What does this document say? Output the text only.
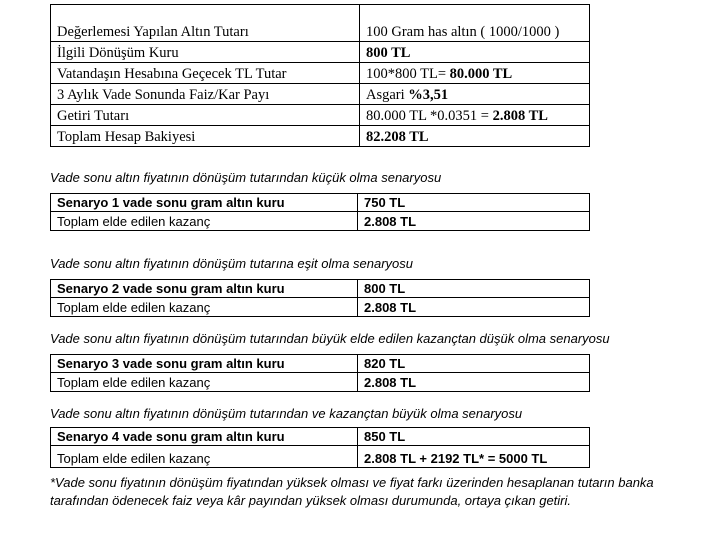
Değerlemesi Yapılan Altın Tutarı	100 Gram has altın ( 1000/1000 )
İlgili Dönüşüm Kuru	800 TL
Vatandaşın Hesabına Geçecek TL Tutar	100*800 TL= 80.000 TL
3 Aylık Vade Sonunda Faiz/Kar Payı	Asgari %3,51
Getiri Tutarı	80.000 TL *0.0351 = 2.808 TL
Toplam Hesap Bakiyesi	82.208 TL
Vade sonu altın fiyatının dönüşüm tutarından küçük olma senaryosu
Senaryo 1 vade sonu gram altın kuru	750 TL
Toplam elde edilen kazanç	2.808 TL
Vade sonu altın fiyatının dönüşüm tutarına eşit olma senaryosu
Senaryo 2 vade sonu gram altın kuru	800 TL
Toplam elde edilen kazanç	2.808 TL
Vade sonu altın fiyatının dönüşüm tutarından büyük elde edilen kazançtan düşük olma senaryosu
Senaryo 3 vade sonu gram altın kuru	820 TL
Toplam elde edilen kazanç	2.808 TL
Vade sonu altın fiyatının dönüşüm tutarından ve kazançtan büyük olma senaryosu
Senaryo 4 vade sonu gram altın kuru	850 TL
Toplam elde edilen kazanç	2.808 TL + 2192 TL* = 5000 TL
*Vade sonu fiyatının dönüşüm fiyatından yüksek olması ve fiyat farkı üzerinden hesaplanan tutarın banka tarafından ödenecek faiz veya kâr payından yüksek olması durumunda, ortaya çıkan getiri.
